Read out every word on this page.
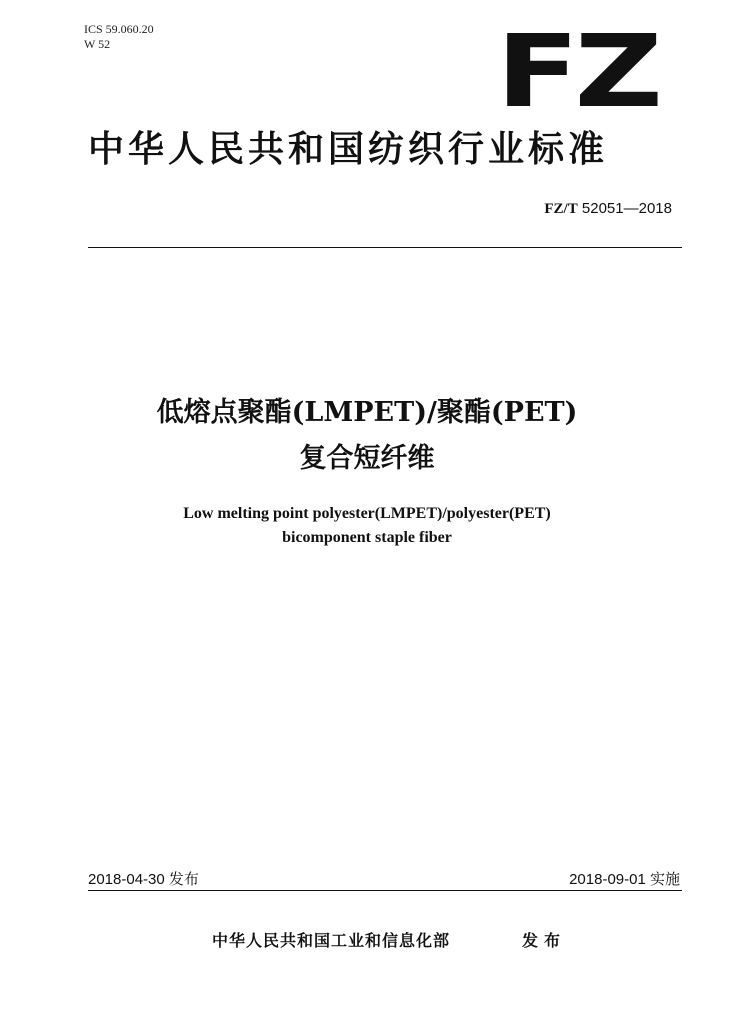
ICS 59.060.20
W 52	FZ
中华人民共和国纺织行业标准
FZ/T 52051—2018
低熔点聚酯(LMPET)/聚酯(PET)
复合短纤维
Low melting point polyester(LMPET)/polyester(PET)
bicomponent staple fiber
2018-04-30 发布	2018-09-01 实施
中华人民共和国工业和信息化部	发布
